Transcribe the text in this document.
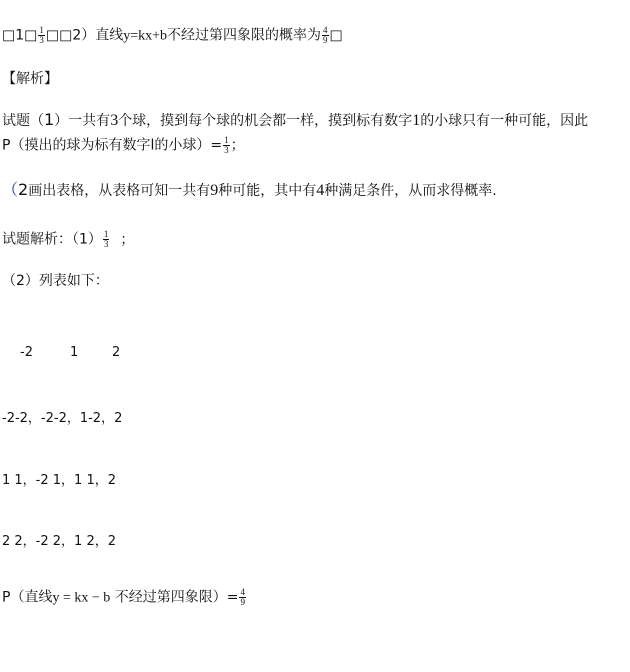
□1□ $\frac{1}{3}$ □□2）直线y=kx+b不经过第四象限的概率为 $\frac{4}{9}$ □
【解析】
试题（1）一共有3个球，摸到每个球的机会都一样，摸到标有数字1的小球只有一种可能，因此
P（摸出的球为标有数字l的小球）= $\frac{1}{3}$ ；
（2画出表格，从表格可知一共有9种可能，其中有4种满足条件，从而求得概率.
试题解析：$(1) \frac{1}{3}$ ；
（2）列表如下：
-2	1	2
-2-2，-2-2，1-2，2
1 1，-2 1，1 1，2
2 2，-2 2，1 2，2
P（直线y = kx − b 不经过第四象限）= $\frac{4}{9}$
